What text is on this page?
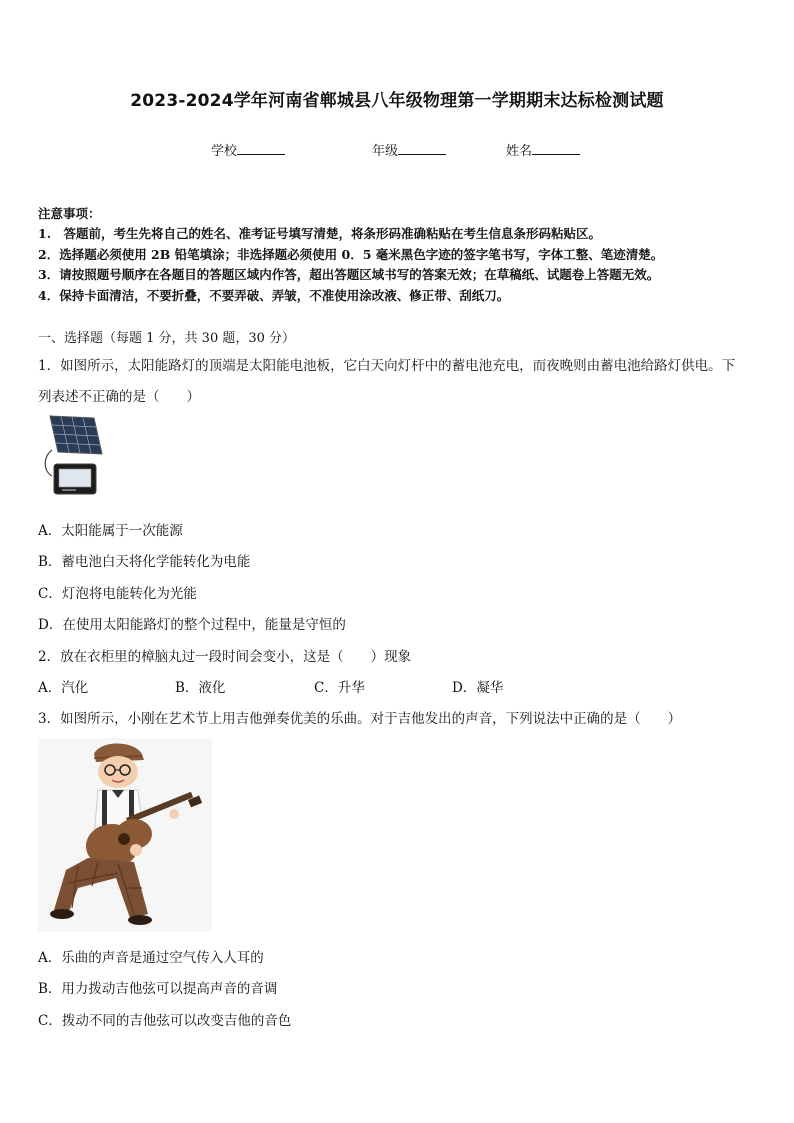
2023-2024学年河南省郸城县八年级物理第一学期期末达标检测试题
学校	年级	姓名
注意事项：
1.　答题前，考生先将自己的姓名、准考证号填写清楚，将条形码准确粘贴在考生信息条形码粘贴区。
2．选择题必须使用 2B 铅笔填涂；非选择题必须使用 0．5 毫米黑色字迹的签字笔书写，字体工整、笔迹清楚。
3．请按照题号顺序在各题目的答题区域内作答，超出答题区域书写的答案无效；在草稿纸、试题卷上答题无效。
4．保持卡面清洁，不要折叠，不要弄破、弄皱，不准使用涂改液、修正带、刮纸刀。
一、选择题（每题 1 分，共 30 题，30 分）
1．如图所示，太阳能路灯的顶端是太阳能电池板，它白天向灯杆中的蓄电池充电，而夜晚则由蓄电池给路灯供电。下
列表述不正确的是（　　）
A．太阳能属于一次能源
B．蓄电池白天将化学能转化为电能
C．灯泡将电能转化为光能
D．在使用太阳能路灯的整个过程中，能量是守恒的
2．放在衣柜里的樟脑丸过一段时间会变小，这是（　　）现象
A．汽化	B．液化	C．升华	D．凝华
3．如图所示，小刚在艺术节上用吉他弹奏优美的乐曲。对于吉他发出的声音，下列说法中正确的是（　　）
A．乐曲的声音是通过空气传入人耳的
B．用力拨动吉他弦可以提高声音的音调
C．拨动不同的吉他弦可以改变吉他的音色
